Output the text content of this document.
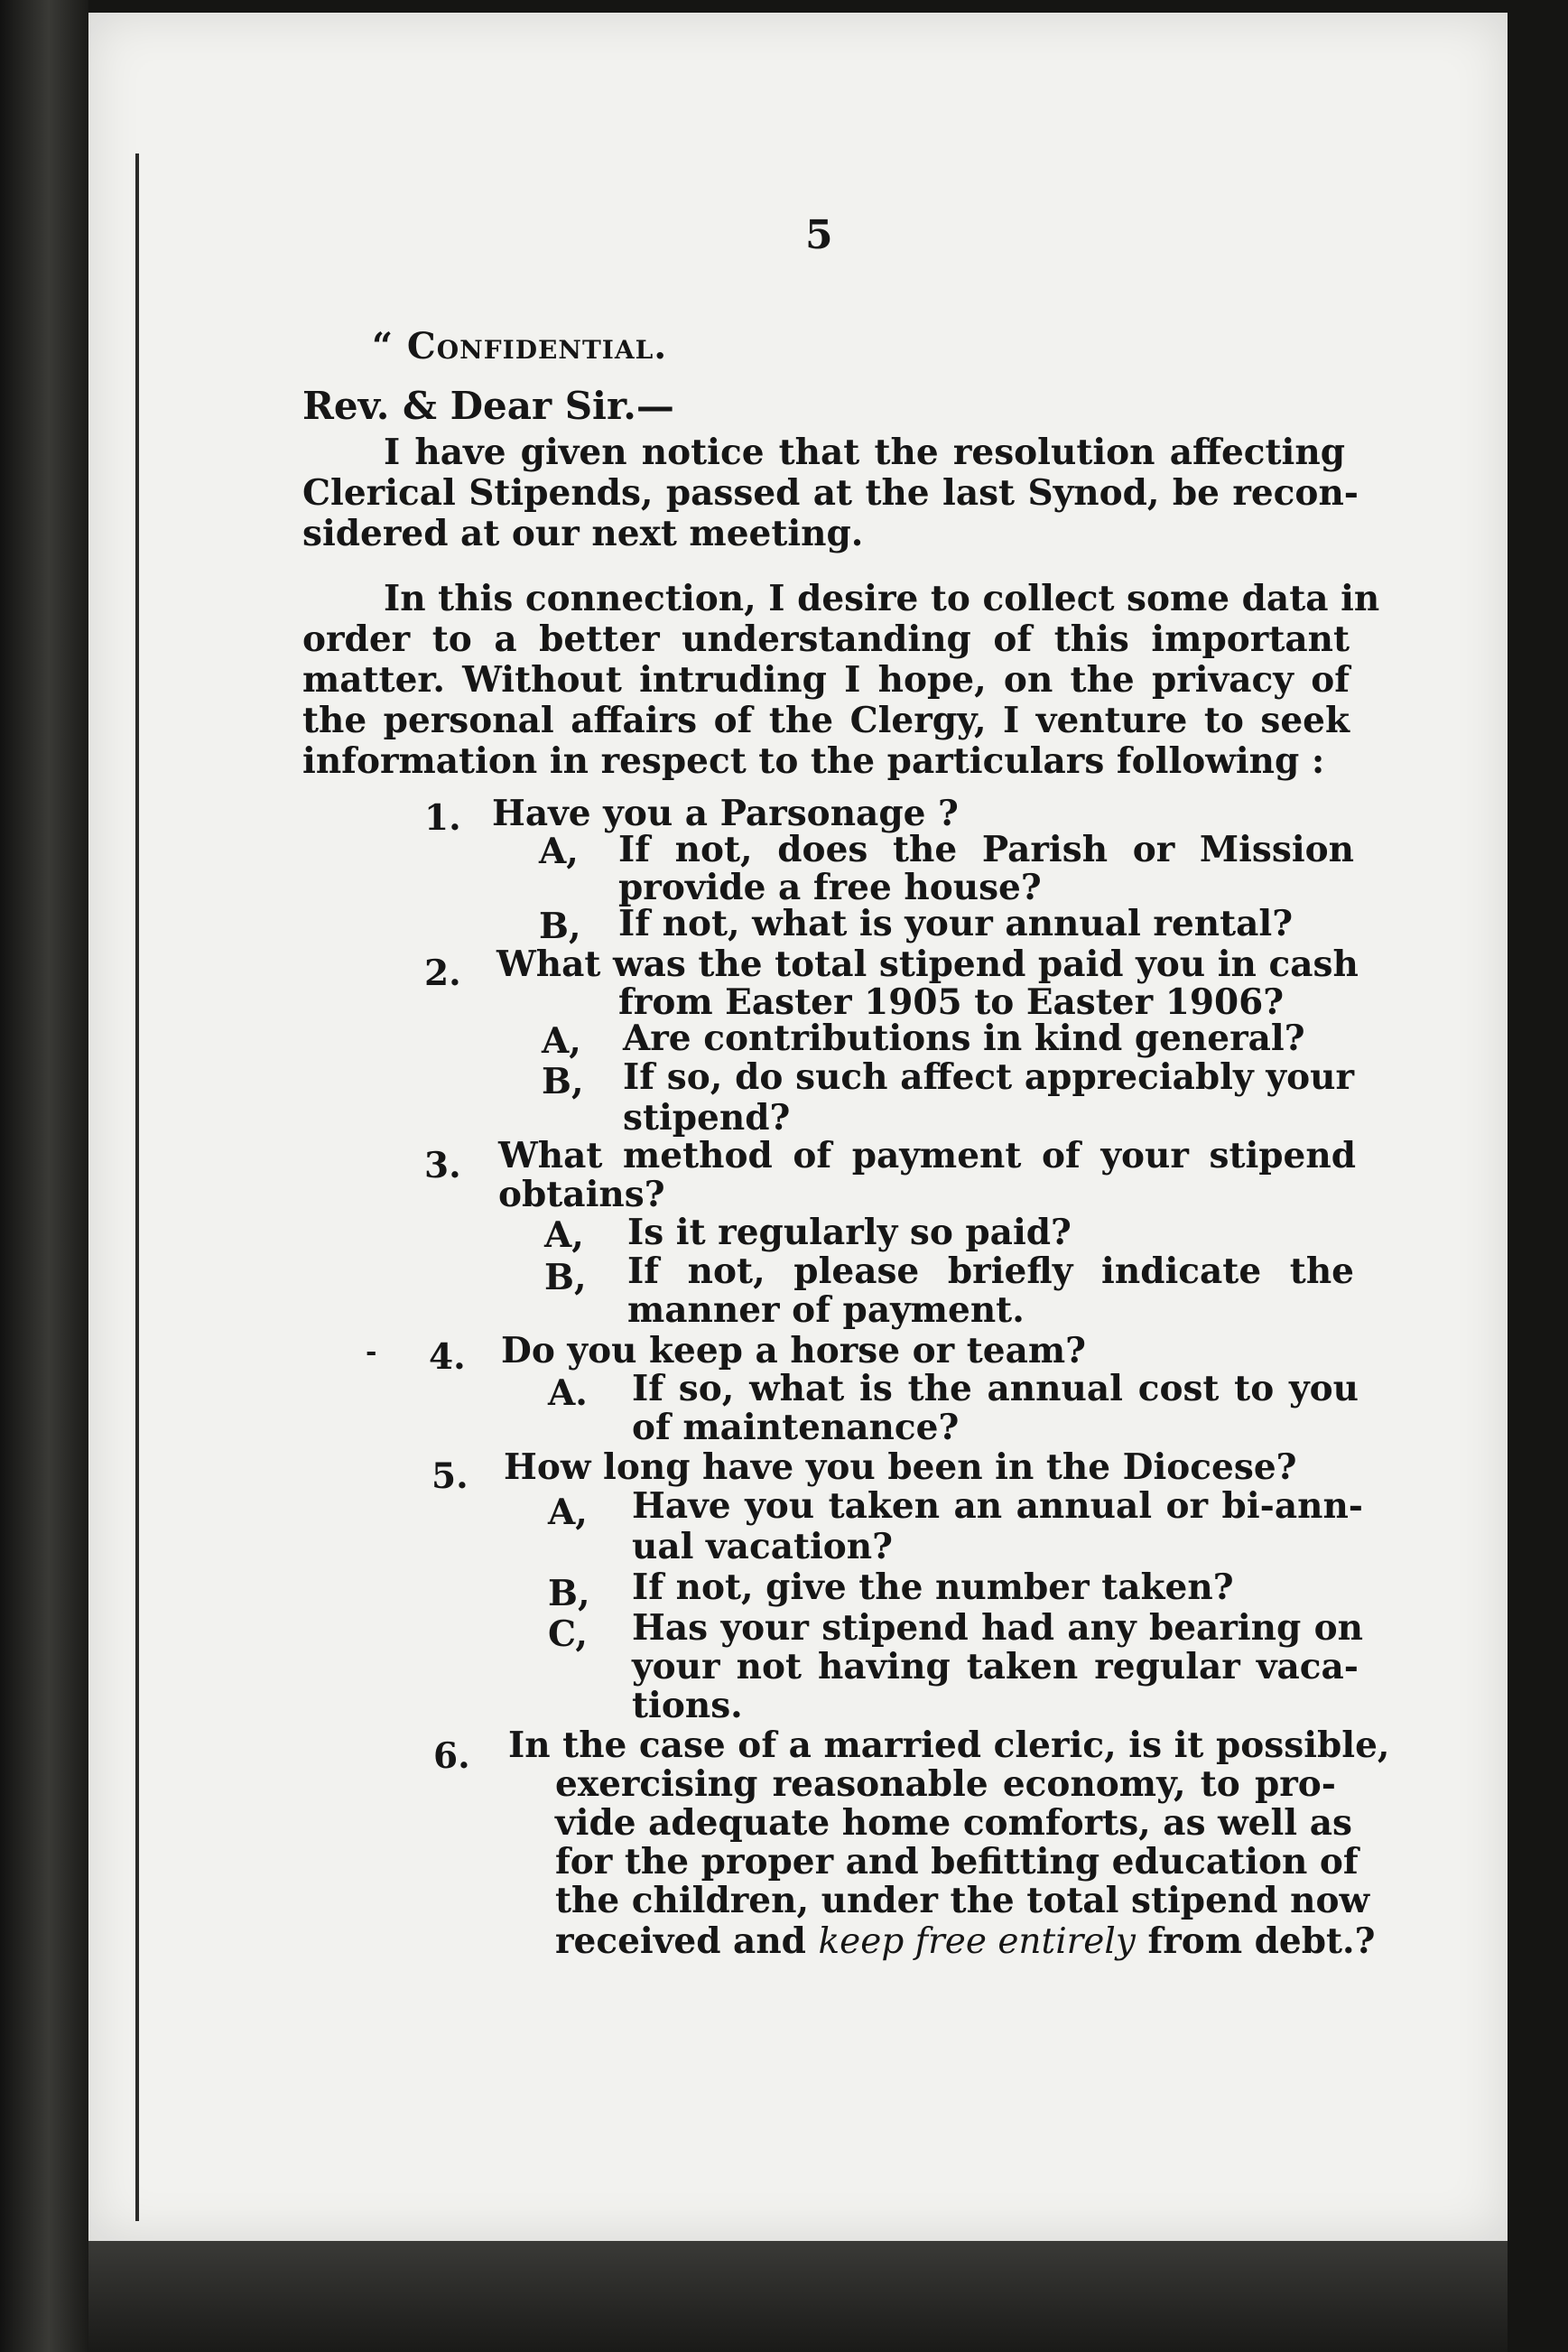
5
“ Confidential.
Rev. & Dear Sir.—
I have given notice that the resolution affecting
Clerical Stipends, passed at the last Synod, be recon-
sidered at our next meeting.
In this connection, I desire to collect some data in
order to a better understanding of this important
matter. Without intruding I hope, on the privacy of
the personal affairs of the Clergy, I venture to seek
information in respect to the particulars following :
1. Have you a Parsonage ?
A, If not, does the Parish or Mission
provide a free house?
B, If not, what is your annual rental?
2. What was the total stipend paid you in cash
from Easter 1905 to Easter 1906?
A, Are contributions in kind general?
B, If so, do such affect appreciably your
stipend?
3. What method of payment of your stipend
obtains?
A, Is it regularly so paid?
B, If not, please briefly indicate the
manner of payment.
- 4. Do you keep a horse or team?
A. If so, what is the annual cost to you
of maintenance?
5. How long have you been in the Diocese?
A, Have you taken an annual or bi-ann-
ual vacation?
B, If not, give the number taken?
C, Has your stipend had any bearing on
your not having taken regular vaca-
tions.
6. In the case of a married cleric, is it possible,
exercising reasonable economy, to pro-
vide adequate home comforts, as well as
for the proper and befitting education of
the children, under the total stipend now
received and keep free entirely from debt.?
